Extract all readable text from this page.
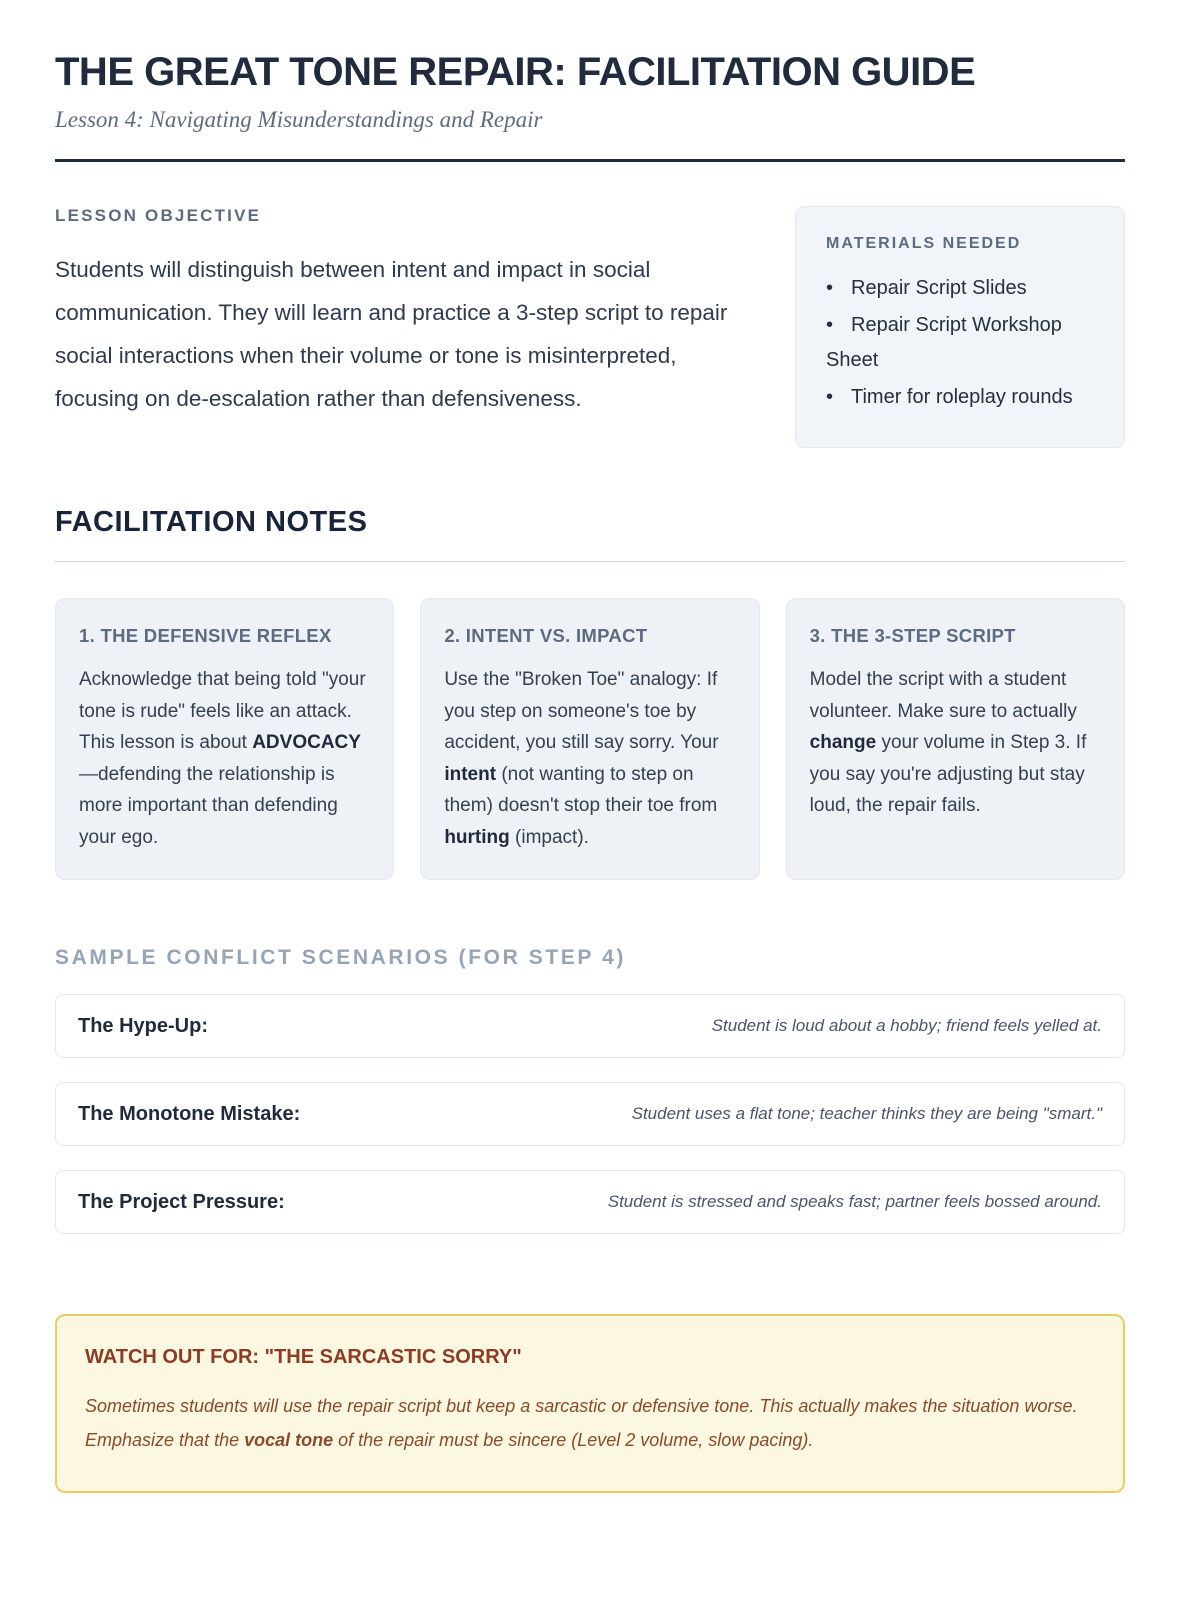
THE GREAT TONE REPAIR: FACILITATION GUIDE
Lesson 4: Navigating Misunderstandings and Repair
LESSON OBJECTIVE

Students will distinguish between intent and impact in social communication. They will learn and practice a 3-step script to repair social interactions when their volume or tone is misinterpreted, focusing on de-escalation rather than defensiveness.

MATERIALS NEEDED
• Repair Script Slides
• Repair Script Workshop Sheet
• Timer for roleplay rounds
FACILITATION NOTES
1. THE DEFENSIVE REFLEX

Acknowledge that being told "your tone is rude" feels like an attack. This lesson is about ADVOCACY—defending the relationship is more important than defending your ego.

2. INTENT VS. IMPACT

Use the "Broken Toe" analogy: If you step on someone's toe by accident, you still say sorry. Your intent (not wanting to step on them) doesn't stop their toe from hurting (impact).

3. THE 3-STEP SCRIPT

Model the script with a student volunteer. Make sure to actually change your volume in Step 3. If you say you're adjusting but stay loud, the repair fails.

SAMPLE CONFLICT SCENARIOS (FOR STEP 4)
The Hype-Up:	Student is loud about a hobby; friend feels yelled at.
The Monotone Mistake:	Student uses a flat tone; teacher thinks they are being "smart."
The Project Pressure:	Student is stressed and speaks fast; partner feels bossed around.
WATCH OUT FOR: "THE SARCASTIC SORRY"

Sometimes students will use the repair script but keep a sarcastic or defensive tone. This actually makes the situation worse. Emphasize that the vocal tone of the repair must be sincere (Level 2 volume, slow pacing).
